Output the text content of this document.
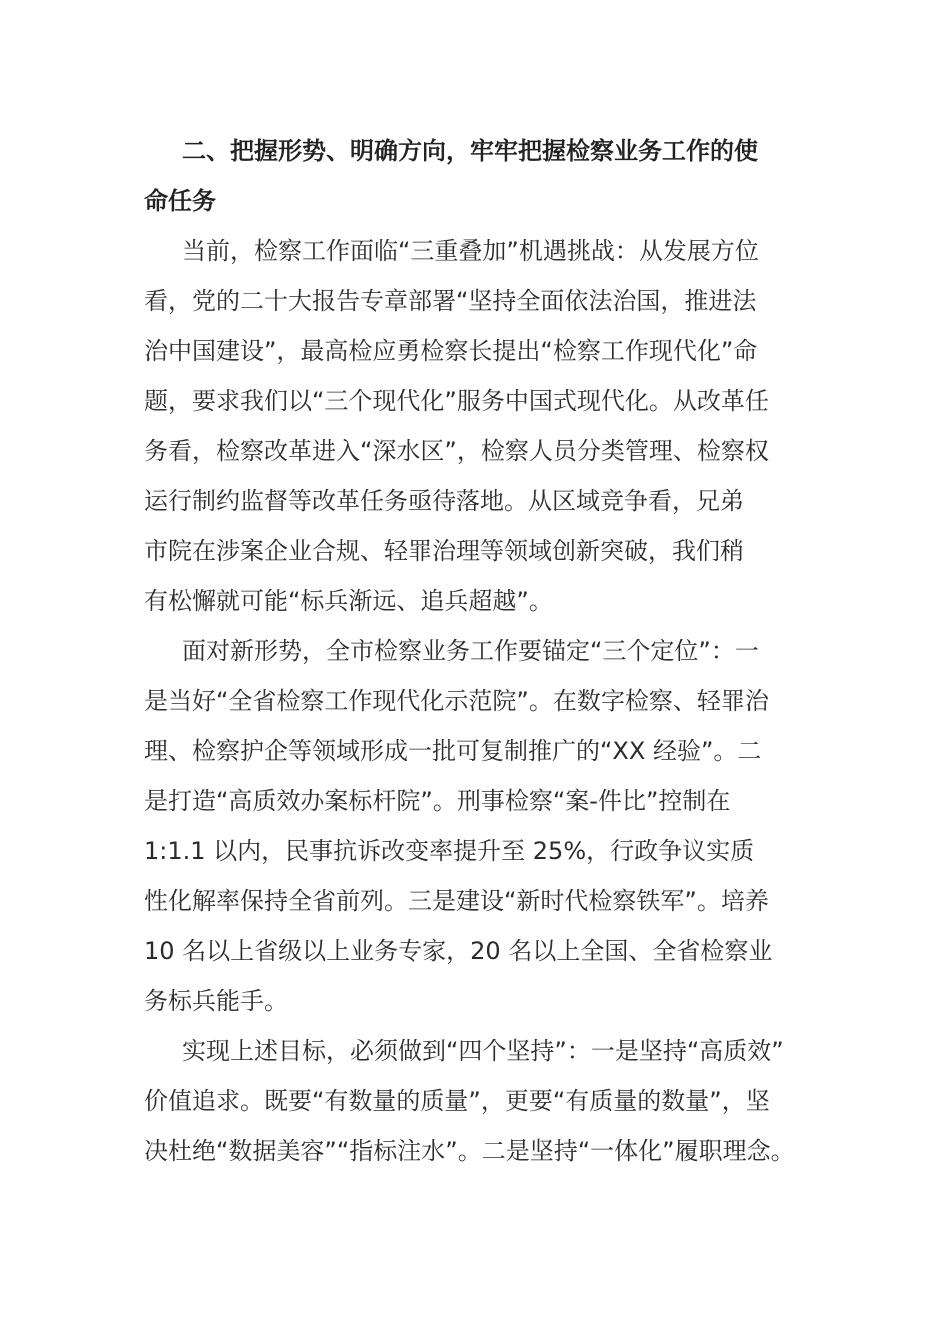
二、把握形势、明确方向，牢牢把握检察业务工作的使
命任务

当前，检察工作面临“三重叠加”机遇挑战：从发展方位
看，党的二十大报告专章部署“坚持全面依法治国，推进法
治中国建设”，最高检应勇检察长提出“检察工作现代化”命
题，要求我们以“三个现代化”服务中国式现代化。从改革任
务看，检察改革进入“深水区”，检察人员分类管理、检察权
运行制约监督等改革任务亟待落地。从区域竞争看，兄弟
市院在涉案企业合规、轻罪治理等领域创新突破，我们稍
有松懈就可能“标兵渐远、追兵超越”。

面对新形势，全市检察业务工作要锚定“三个定位”：一
是当好“全省检察工作现代化示范院”。在数字检察、轻罪治
理、检察护企等领域形成一批可复制推广的“XX 经验”。二
是打造“高质效办案标杆院”。刑事检察“案-件比”控制在
1:1.1 以内，民事抗诉改变率提升至 25%，行政争议实质
性化解率保持全省前列。三是建设“新时代检察铁军”。培养
10 名以上省级以上业务专家，20 名以上全国、全省检察业
务标兵能手。

实现上述目标，必须做到“四个坚持”：一是坚持“高质效”
价值追求。既要“有数量的质量”，更要“有质量的数量”，坚
决杜绝“数据美容”“指标注水”。二是坚持“一体化”履职理念。
